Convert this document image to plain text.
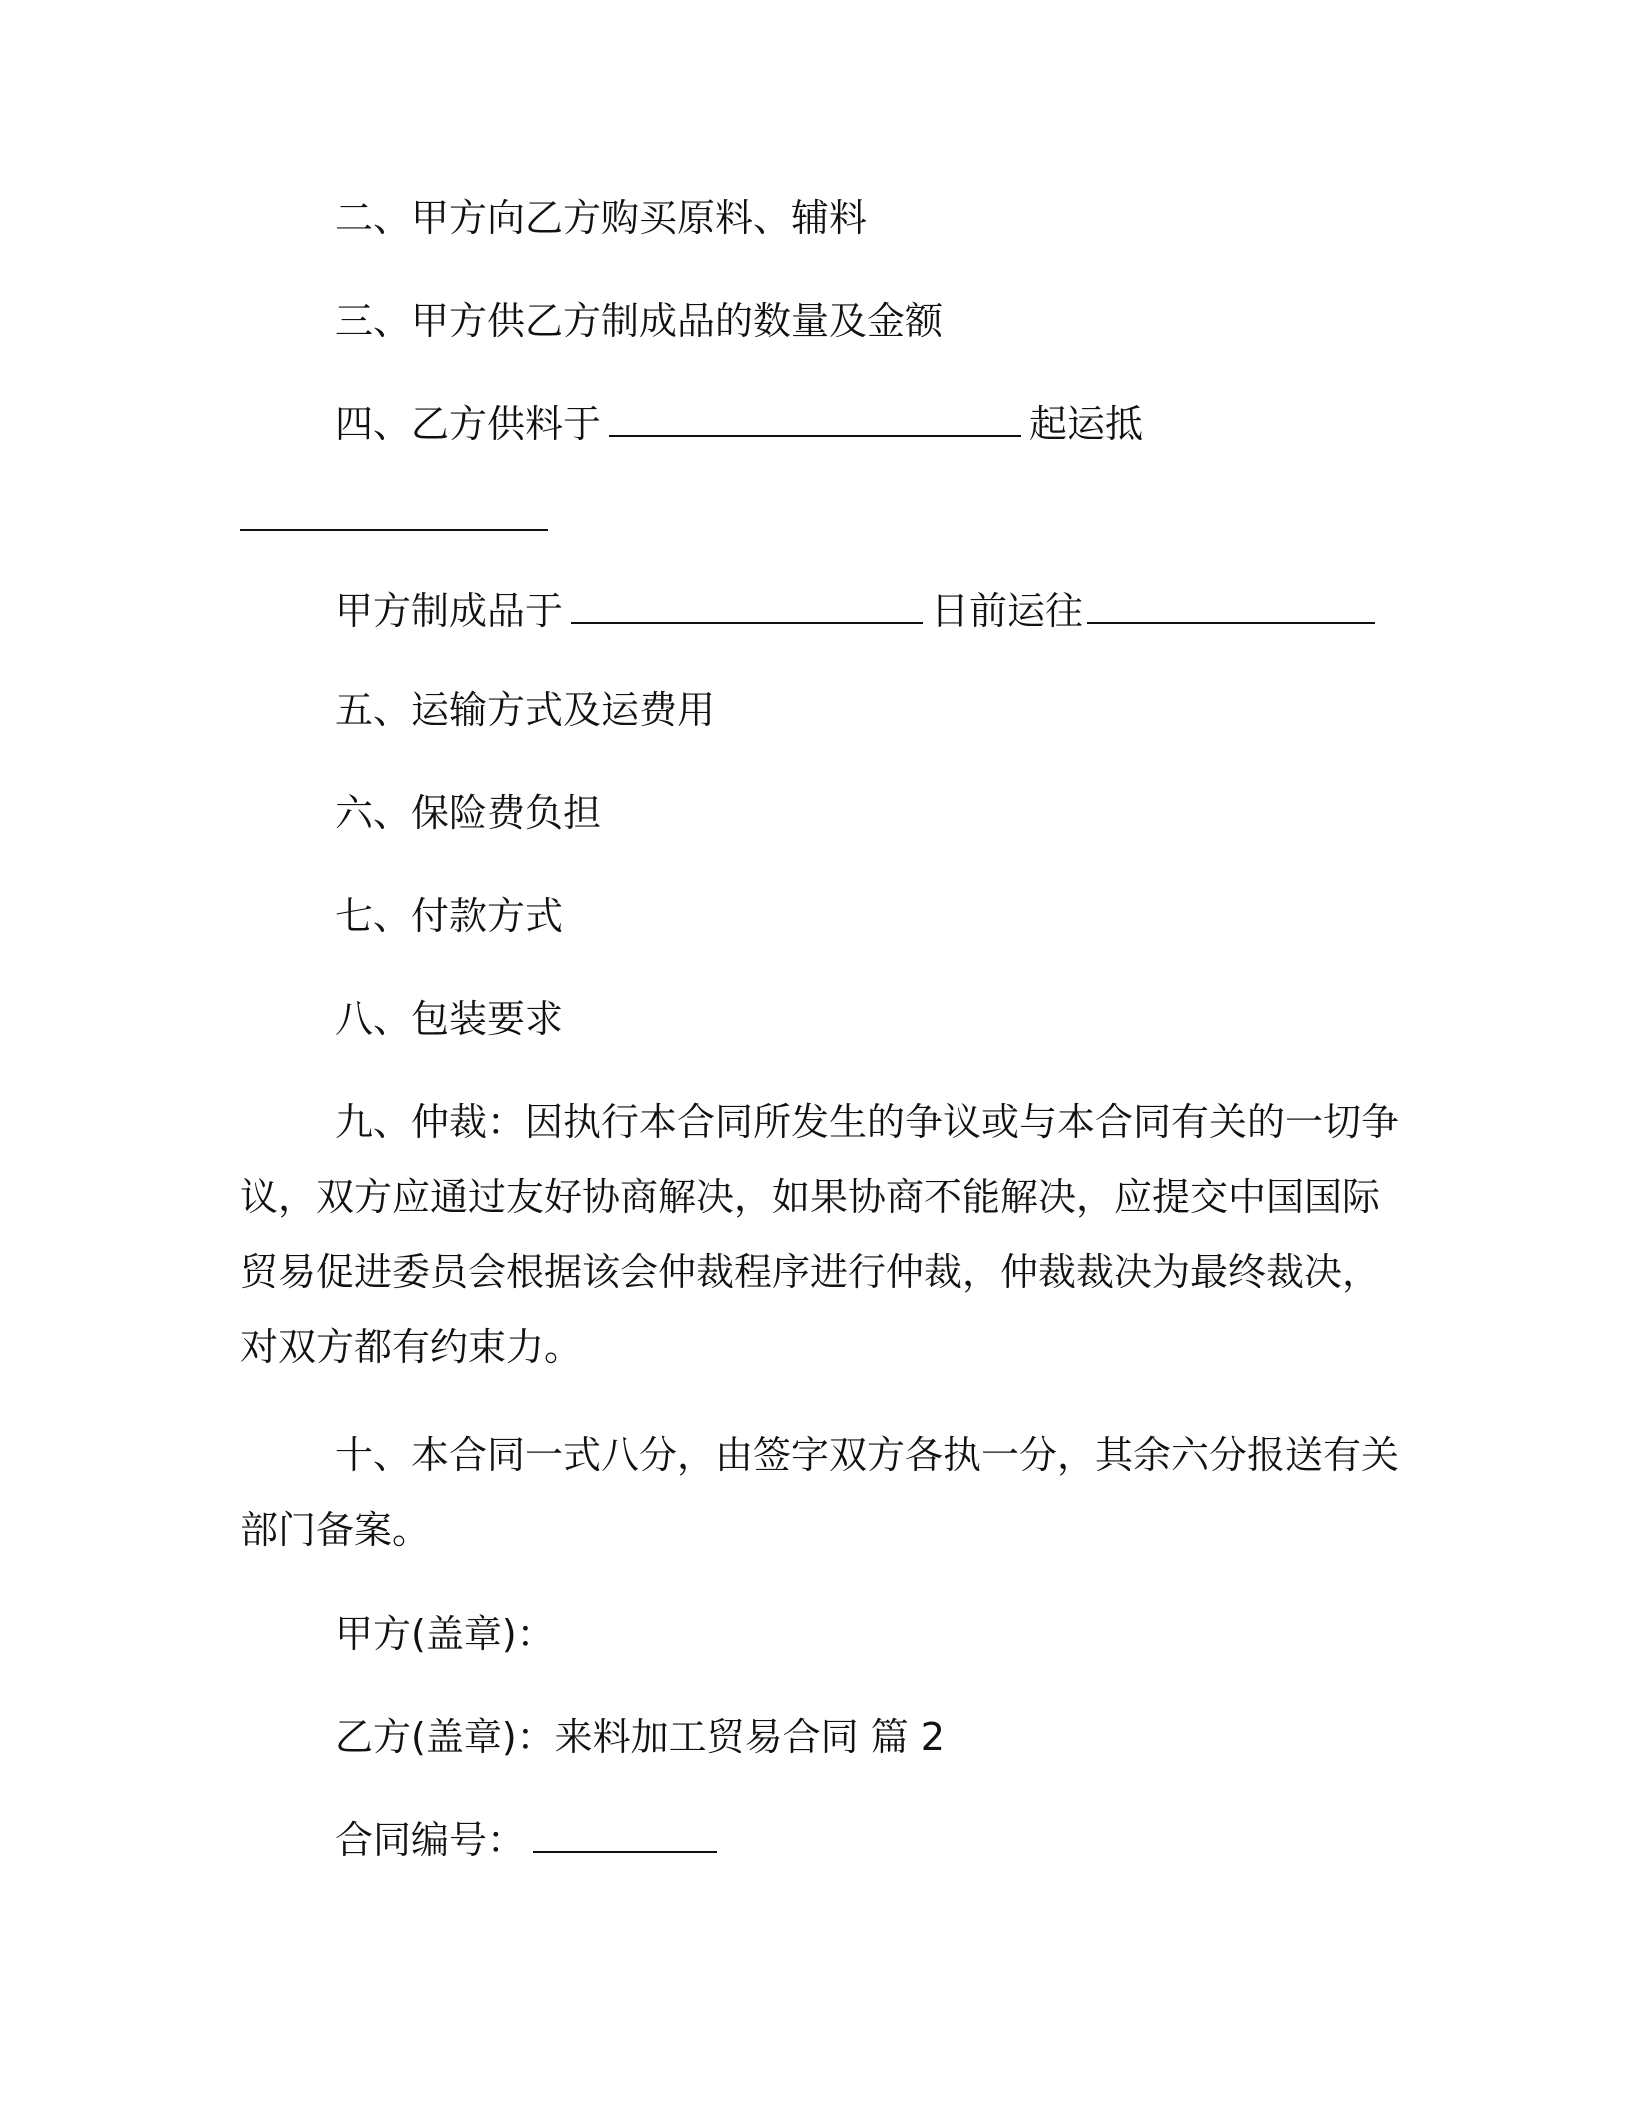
二、甲方向乙方购买原料、辅料
三、甲方供乙方制成品的数量及金额
四、乙方供料于	起运抵
甲方制成品于	日前运往
五、运输方式及运费用
六、保险费负担
七、付款方式
八、包装要求
九、仲裁：因执行本合同所发生的争议或与本合同有关的一切争
议，双方应通过友好协商解决，如果协商不能解决，应提交中国国际
贸易促进委员会根据该会仲裁程序进行仲裁，仲裁裁决为最终裁决，
对双方都有约束力。
十、本合同一式八分，由签字双方各执一分，其余六分报送有关
部门备案。
甲方(盖章)：
乙方(盖章)：来料加工贸易合同 篇 2
合同编号：
